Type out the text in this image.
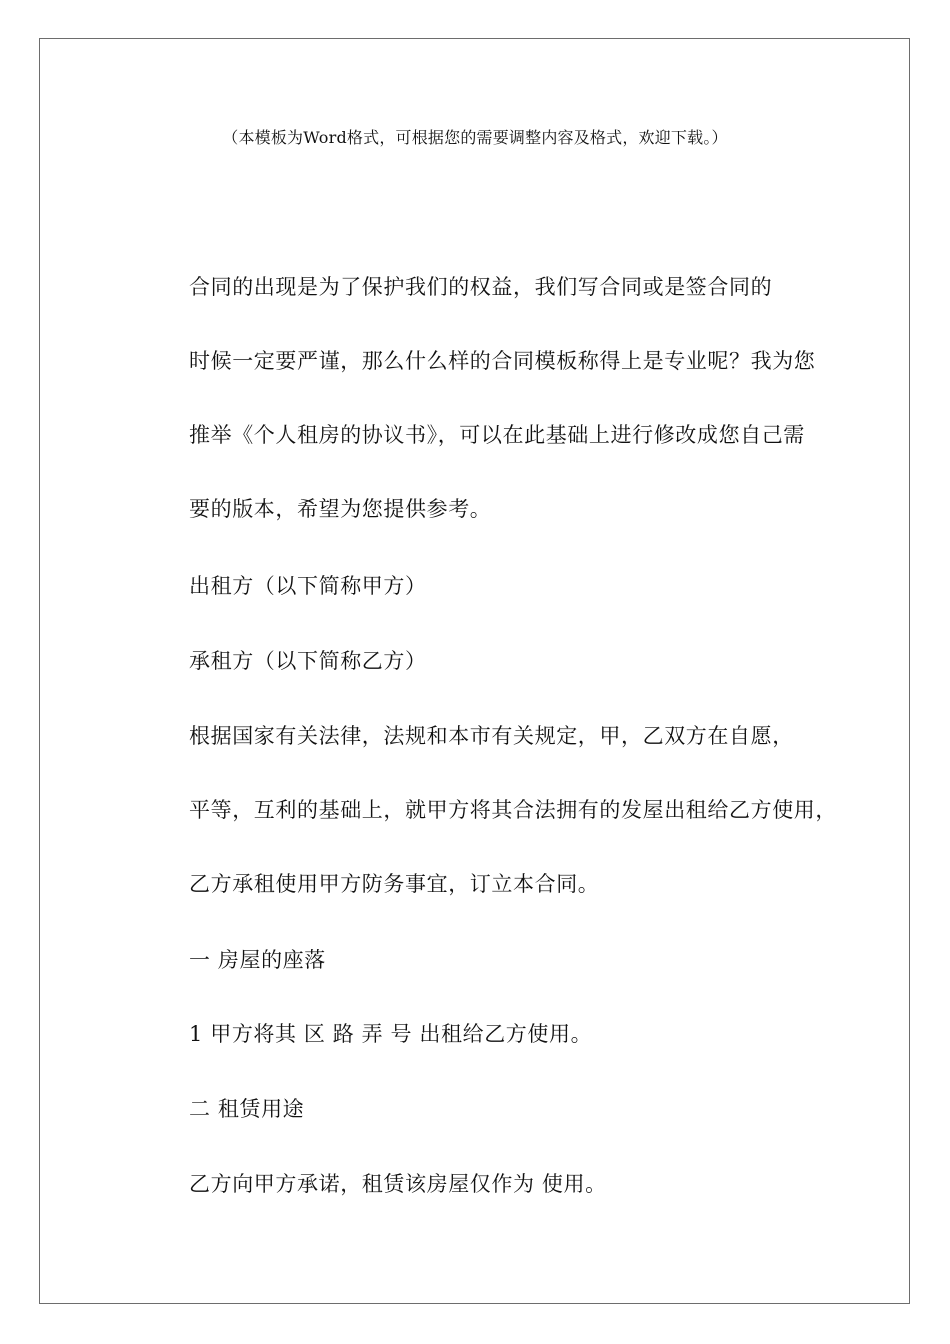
（本模板为Word格式，可根据您的需要调整内容及格式，欢迎下载。）

合同的出现是为了保护我们的权益，我们写合同或是签合同的
时候一定要严谨，那么什么样的合同模板称得上是专业呢？我为您
推举《个人租房的协议书》，可以在此基础上进行修改成您自己需
要的版本，希望为您提供参考。

出租方（以下简称甲方）

承租方（以下简称乙方）

根据国家有关法律，法规和本市有关规定，甲，乙双方在自愿，
平等，互利的基础上，就甲方将其合法拥有的发屋出租给乙方使用，
乙方承租使用甲方防务事宜，订立本合同。

一 房屋的座落

1 甲方将其 区 路 弄 号 出租给乙方使用。

二 租赁用途

乙方向甲方承诺，租赁该房屋仅作为 使用。
